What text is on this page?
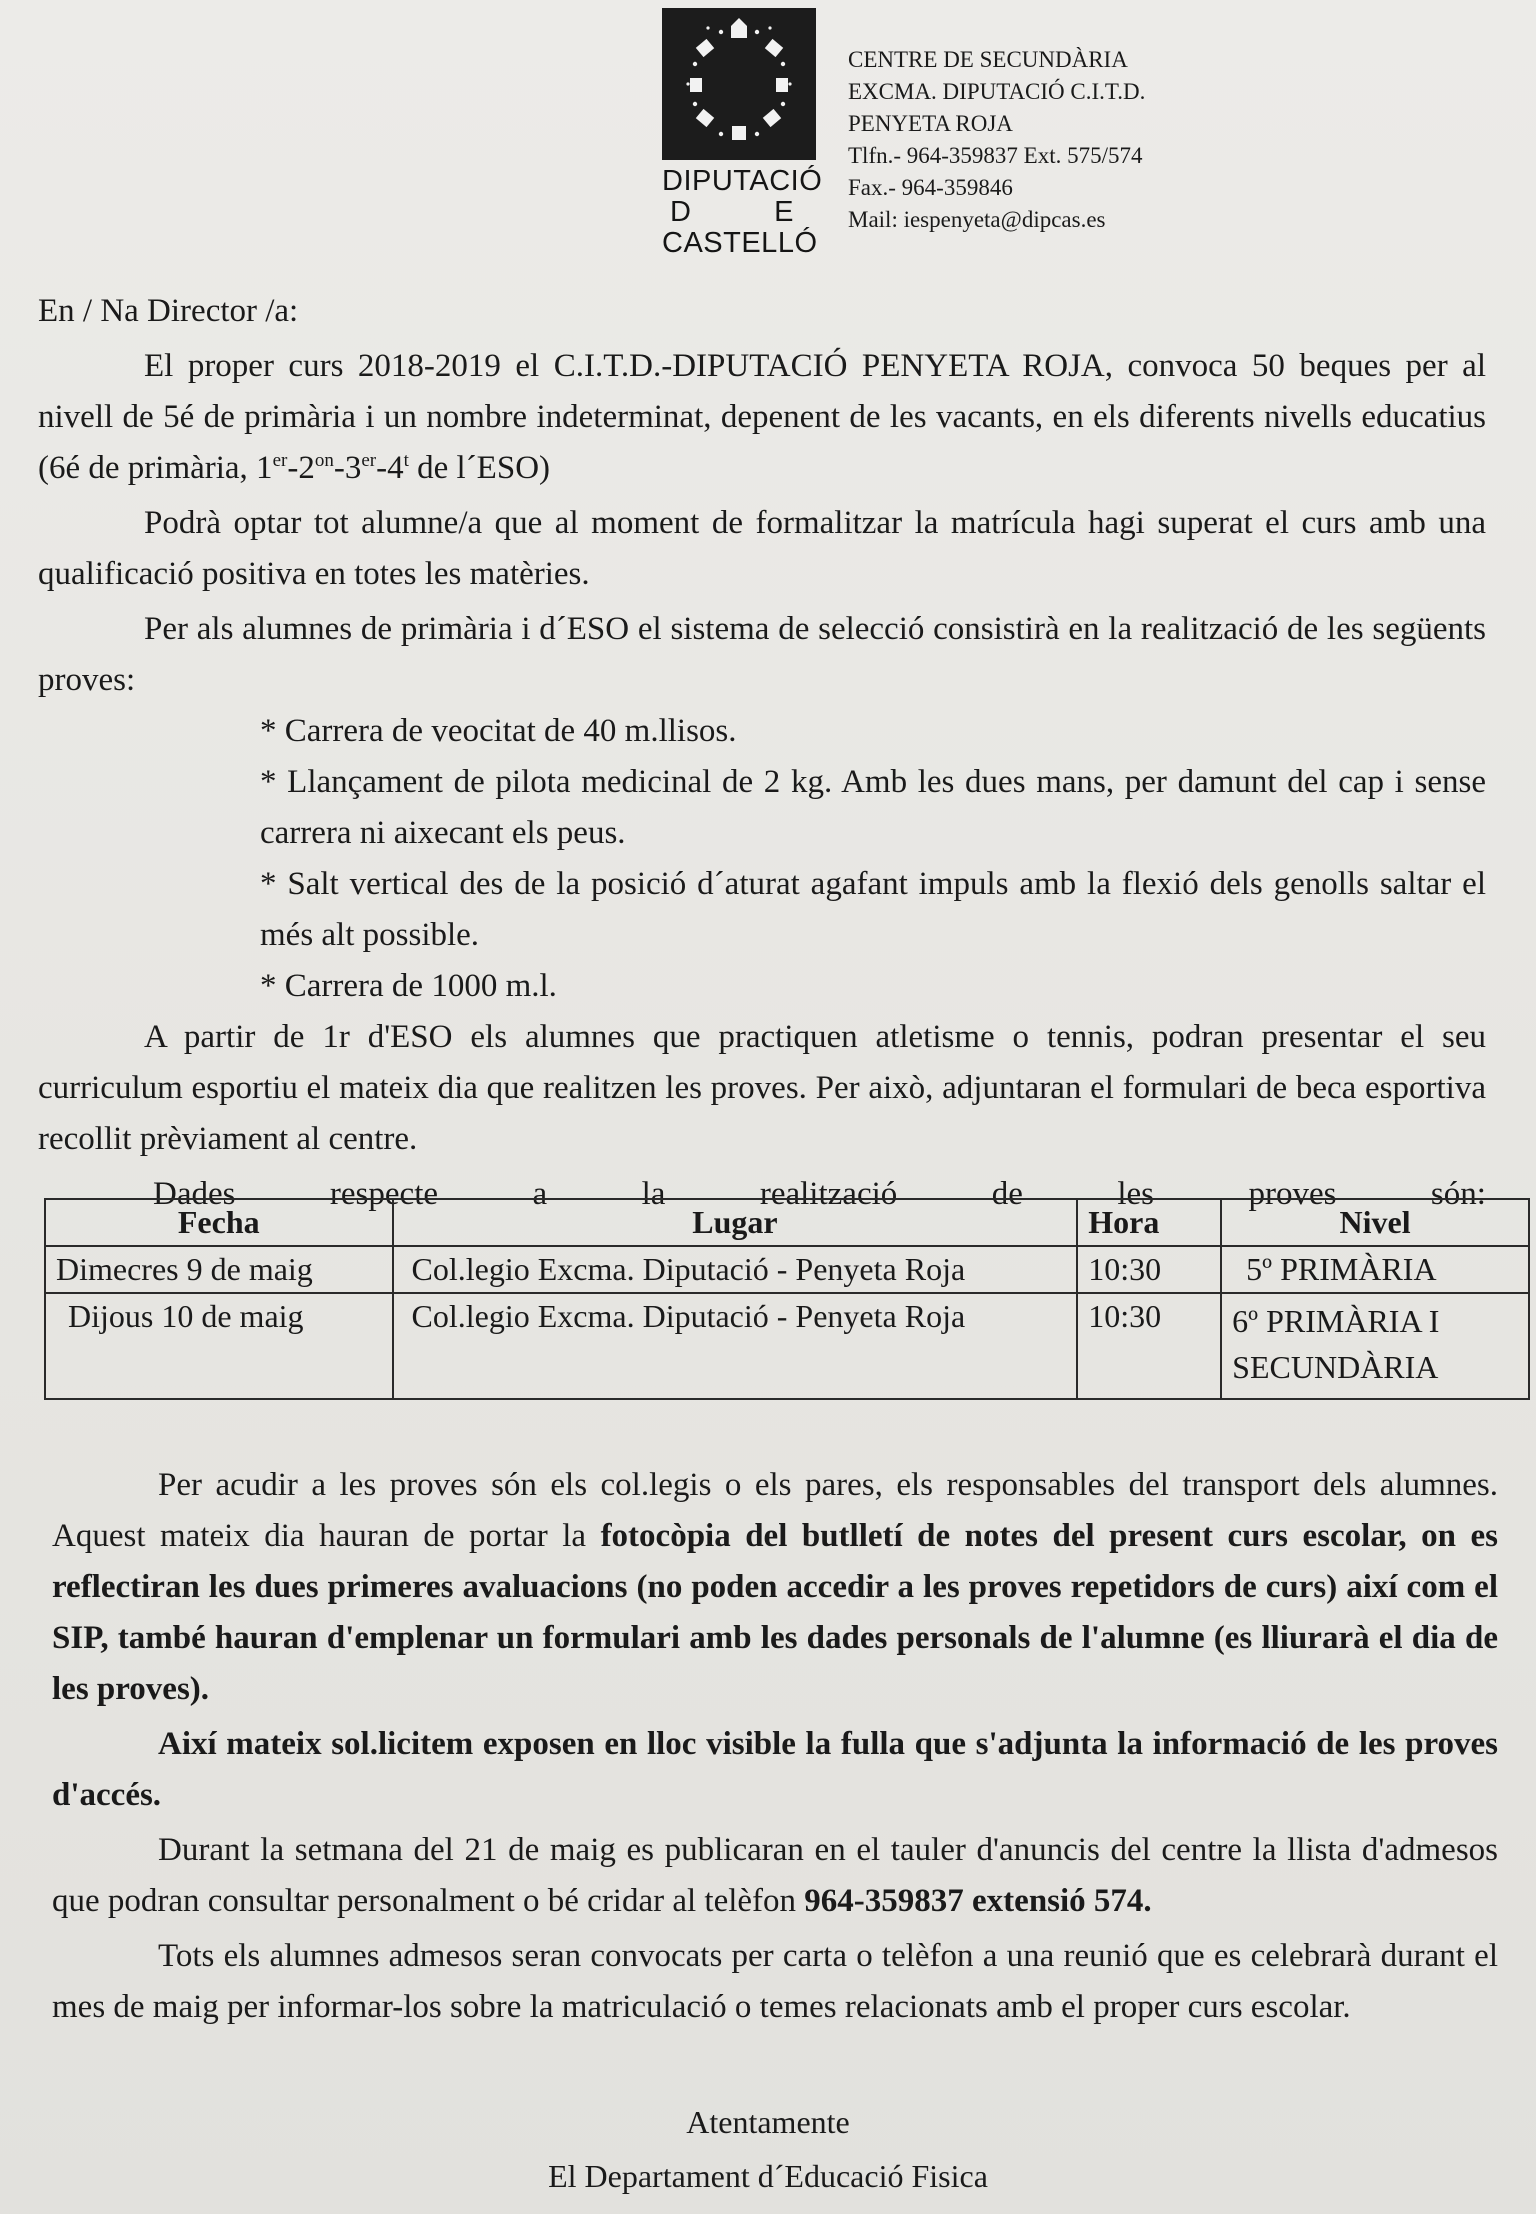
DIPUTACIÓ
D	E
CASTELLÓ
CENTRE DE SECUNDÀRIA
EXCMA. DIPUTACIÓ C.I.T.D.
PENYETA ROJA
Tlfn.- 964-359837 Ext. 575/574
Fax.- 964-359846
Mail: iespenyeta@dipcas.es
En / Na Director /a:

El proper curs 2018-2019 el C.I.T.D.-DIPUTACIÓ PENYETA ROJA, convoca 50 beques per al nivell de 5é de primària i un nombre indeterminat, depenent de les vacants, en els diferents nivells educatius (6é de primària, $1er-2^{on}-3er-4^t$ de l´ESO)

Podrà optar tot alumne/a que al moment de formalitzar la matrícula hagi superat el curs amb una qualificació positiva en totes les matèries.

Per als alumnes de primària i d´ESO el sistema de selecció consistirà en la realització de les següents proves:

* Carrera de veocitat de 40 m.llisos.

* Llançament de pilota medicinal de 2 kg. Amb les dues mans, per damunt del cap i sense carrera ni aixecant els peus.

* Salt vertical des de la posició d´aturat agafant impuls amb la flexió dels genolls saltar el més alt possible.

* Carrera de 1000 m.l.

A partir de 1r d'ESO els alumnes que practiquen atletisme o tennis, podran presentar el seu curriculum esportiu el mateix dia que realitzen les proves. Per això, adjuntaran el formulari de beca esportiva recollit prèviament al centre.

Dades	respecte	a	la	realització	de	les	proves	són:
Fecha	Lugar	Hora	Nivel
Dimecres 9 de maig	Col.legio Excma. Diputació - Penyeta Roja	10:30	5º PRIMÀRIA
Dijous 10 de maig	Col.legio Excma. Diputació - Penyeta Roja	10:30	6º PRIMÀRIA I SECUNDÀRIA

Per acudir a les proves són els col.legis o els pares, els responsables del transport dels alumnes. Aquest mateix dia hauran de portar la fotocòpia del butlletí de notes del present curs escolar, on es reflectiran les dues primeres avaluacions (no poden accedir a les proves repetidors de curs) així com el SIP, també hauran d'emplenar un formulari amb les dades personals de l'alumne (es lliurarà el dia de les proves).

Així mateix sol.licitem exposen en lloc visible la fulla que s'adjunta la informació de les proves d'accés.

Durant la setmana del 21 de maig es publicaran en el tauler d'anuncis del centre la llista d'admesos que podran consultar personalment o bé cridar al telèfon 964-359837 extensió 574.

Tots els alumnes admesos seran convocats per carta o telèfon a una reunió que es celebrarà durant el mes de maig per informar-los sobre la matriculació o temes relacionats amb el proper curs escolar.

Atentamente
El Departament d´Educació Fisica
